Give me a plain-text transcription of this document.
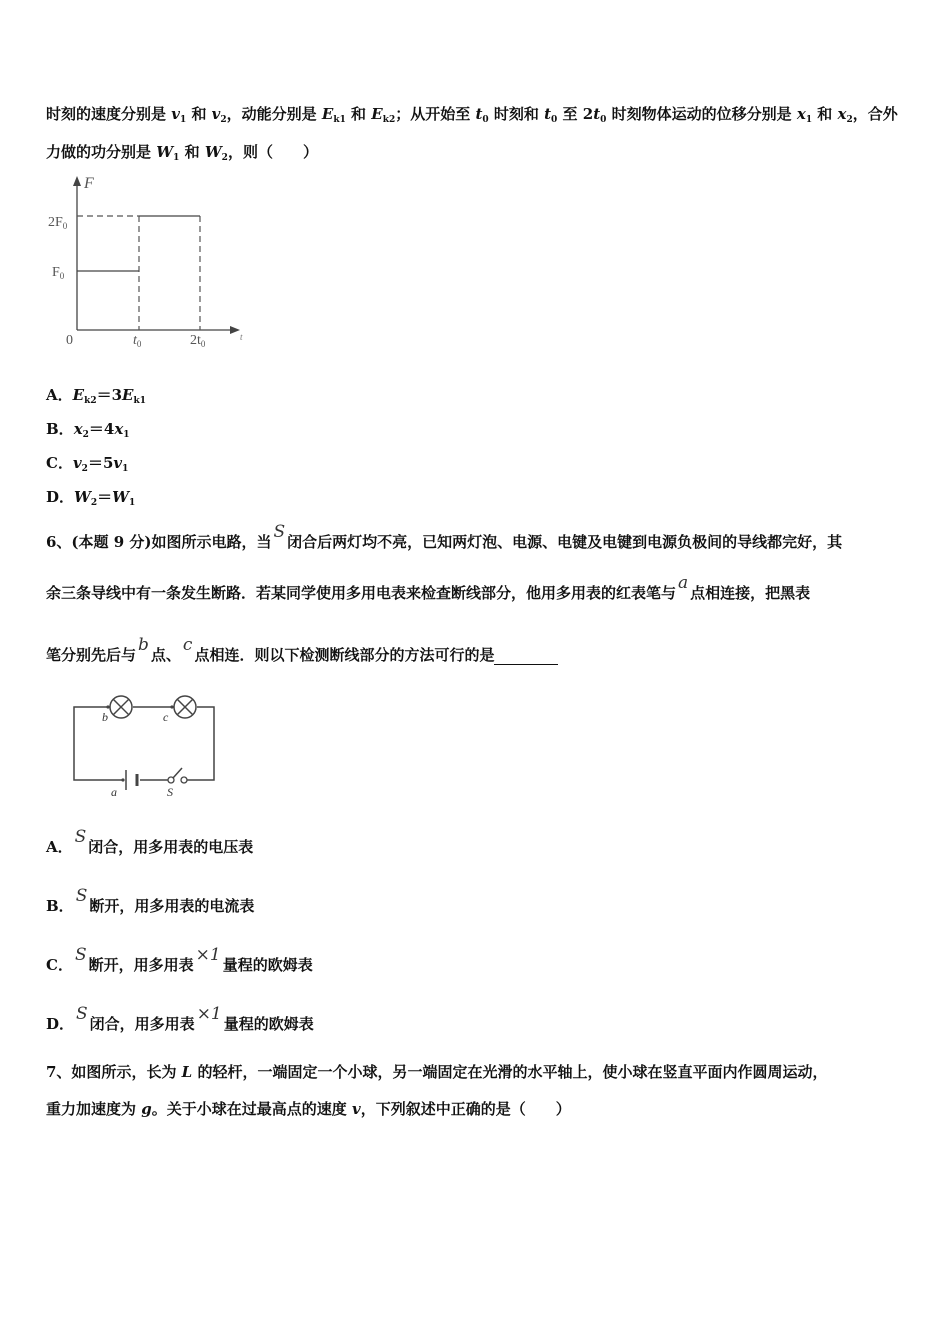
时刻的速度分别是 $v_1$ 和 $v_2$，动能分别是 $E_{k1}$ 和 $E_{k2}$；从开始至 $t_0$ 时刻和 $t_0$ 至 $2t_0$ 时刻物体运动的位移分别是 $x_1$ 和 $x_2$，合外
力做的功分别是 $W_1$ 和 $W_2$，则（　　）
F
t
0
$2F_0$
$F_0$
$t_0$	$2t_0$
A．$E_{k2}=3E_{k1}$
B．$x_2=4x_1$
C．$v_2=5v_1$
D．$W_2=W_1$
6、(本题 9 分)如图所示电路，当 S 闭合后两灯均不亮，已知两灯泡、电源、电键及电键到电源负极间的导线都完好，其
余三条导线中有一条发生断路．若某同学使用多用电表来检查断线部分，他用多用表的红表笔与 a 点相连接，把黑表
笔分别先后与 b 点、 c 点相连．则以下检测断线部分的方法可行的是
b	c
a	S
A． S 闭合，用多用表的电压表
B． S 断开，用多用表的电流表
C． S 断开，用多用表 ×1 量程的欧姆表
D． S 闭合，用多用表 ×1 量程的欧姆表
7、如图所示，长为 L 的轻杆，一端固定一个小球，另一端固定在光滑的水平轴上，使小球在竖直平面内作圆周运动，
重力加速度为 g。关于小球在过最高点的速度 v，下列叙述中正确的是（　　）
